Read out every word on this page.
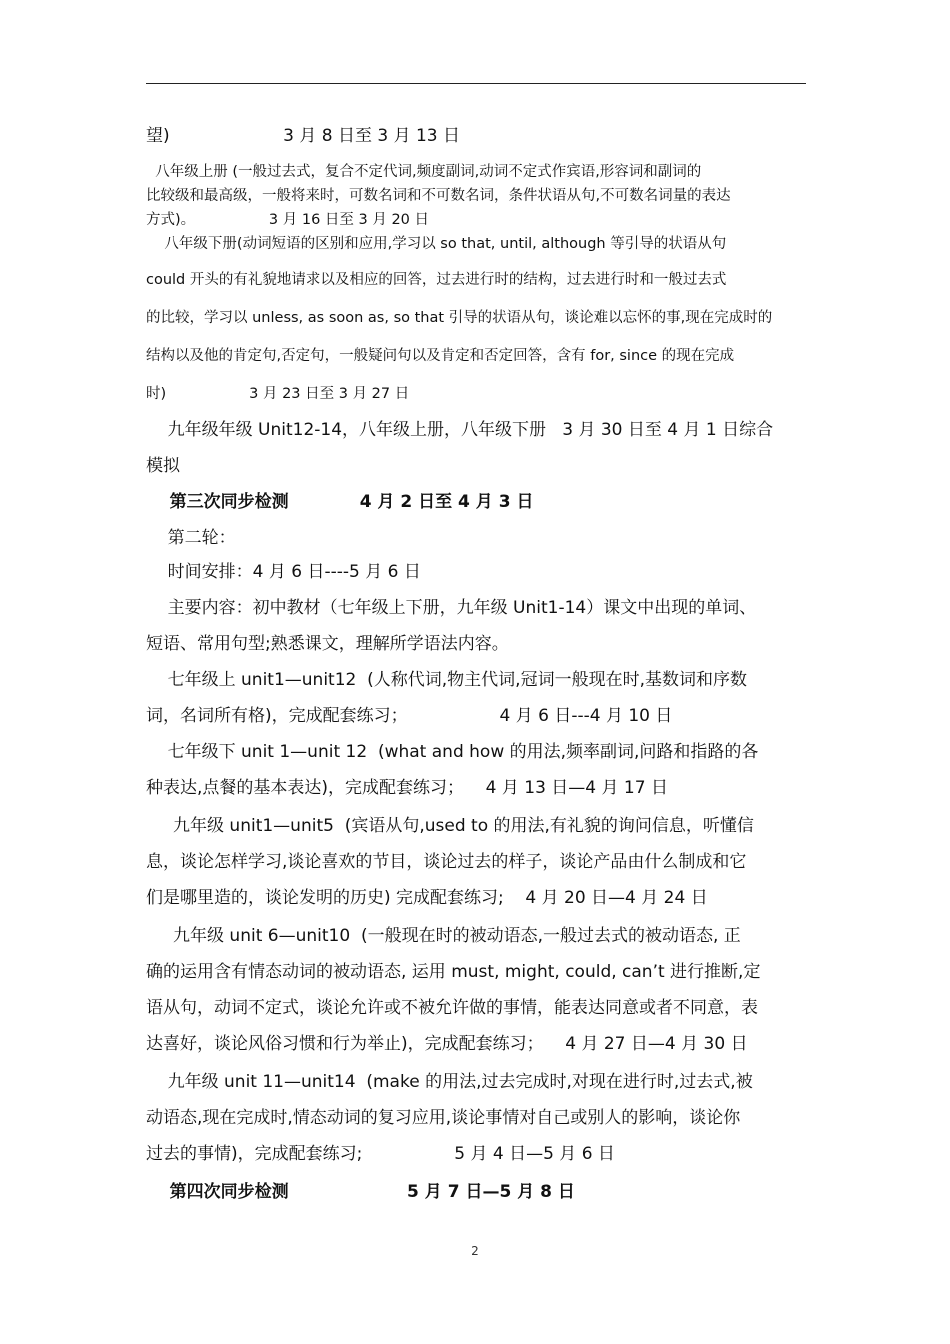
望)                     3 月 8 日至 3 月 13 日
八年级上册 (一般过去式，复合不定代词,频度副词,动词不定式作宾语,形容词和副词的
比较级和最高级，一般将来时，可数名词和不可数名词，条件状语从句,不可数名词量的表达
方式)。                3 月 16 日至 3 月 20 日
八年级下册(动词短语的区别和应用,学习以 so that, until, although 等引导的状语从句
could 开头的有礼貌地请求以及相应的回答，过去进行时的结构，过去进行时和一般过去式
的比较，学习以 unless, as soon as, so that 引导的状语从句，谈论难以忘怀的事,现在完成时的
结构以及他的肯定句,否定句，一般疑问句以及肯定和否定回答，含有 for, since 的现在完成
时)                  3 月 23 日至 3 月 27 日
九年级年级 Unit12-14，八年级上册，八年级下册   3 月 30 日至 4 月 1 日综合
模拟
第三次同步检测            4 月 2 日至 4 月 3 日
第二轮：
时间安排：4 月 6 日----5 月 6 日
主要内容：初中教材（七年级上下册，九年级 Unit1-14）课文中出现的单词、
短语、常用句型;熟悉课文，理解所学语法内容。
七年级上 unit1—unit12  (人称代词,物主代词,冠词一般现在时,基数词和序数
词，名词所有格)，完成配套练习；                 4 月 6 日---4 月 10 日
七年级下 unit 1—unit 12  (what and how 的用法,频率副词,问路和指路的各
种表达,点餐的基本表达)，完成配套练习；    4 月 13 日—4 月 17 日
九年级 unit1—unit5  (宾语从句,used to 的用法,有礼貌的询问信息，听懂信
息，谈论怎样学习,谈论喜欢的节目，谈论过去的样子，谈论产品由什么制成和它
们是哪里造的，谈论发明的历史) 完成配套练习;    4 月 20 日—4 月 24 日
九年级 unit 6—unit10  (一般现在时的被动语态,一般过去式的被动语态, 正
确的运用含有情态动词的被动语态, 运用 must, might, could, can’t 进行推断,定
语从句，动词不定式，谈论允许或不被允许做的事情，能表达同意或者不同意，表
达喜好，谈论风俗习惯和行为举止)，完成配套练习；    4 月 27 日—4 月 30 日
九年级 unit 11—unit14  (make 的用法,过去完成时,对现在进行时,过去式,被
动语态,现在完成时,情态动词的复习应用,谈论事情对自己或别人的影响，谈论你
过去的事情)，完成配套练习;                 5 月 4 日—5 月 6 日
第四次同步检测                    5 月 7 日—5 月 8 日
2
